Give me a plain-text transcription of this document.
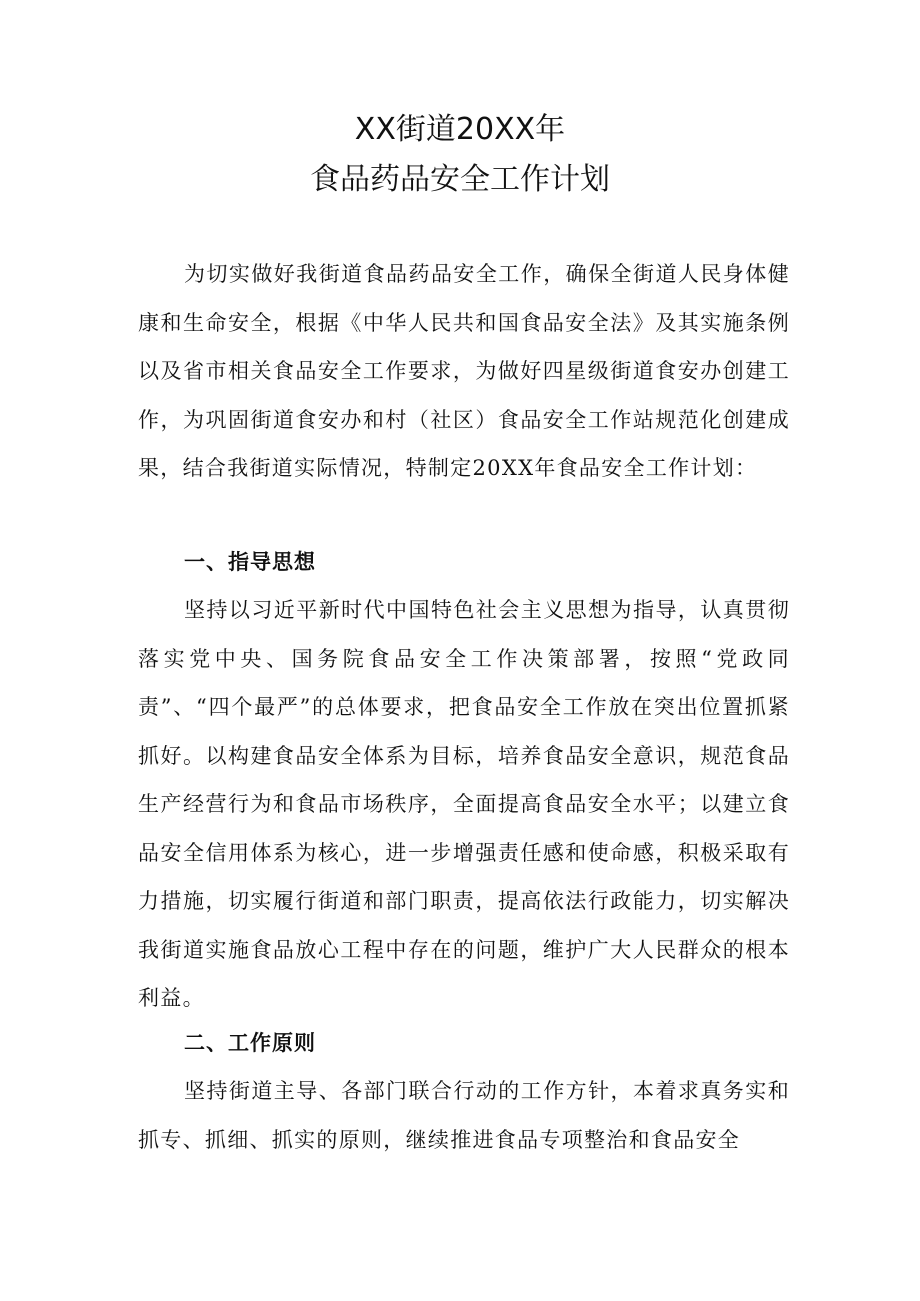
XX街道20XX年
食品药品安全工作计划

为切实做好我街道食品药品安全工作，确保全街道人民身体健康和生命安全，根据《中华人民共和国食品安全法》及其实施条例以及省市相关食品安全工作要求，为做好四星级街道食安办创建工作，为巩固街道食安办和村（社区）食品安全工作站规范化创建成果，结合我街道实际情况，特制定20XX年食品安全工作计划：

一、指导思想

坚持以习近平新时代中国特色社会主义思想为指导，认真贯彻落实党中央、国务院食品安全工作决策部署，按照“党政同责”、“四个最严”的总体要求，把食品安全工作放在突出位置抓紧抓好。以构建食品安全体系为目标，培养食品安全意识，规范食品生产经营行为和食品市场秩序，全面提高食品安全水平；以建立食品安全信用体系为核心，进一步增强责任感和使命感，积极采取有力措施，切实履行街道和部门职责，提高依法行政能力，切实解决我街道实施食品放心工程中存在的问题，维护广大人民群众的根本利益。

二、工作原则

坚持街道主导、各部门联合行动的工作方针，本着求真务实和抓专、抓细、抓实的原则，继续推进食品专项整治和食品安全
